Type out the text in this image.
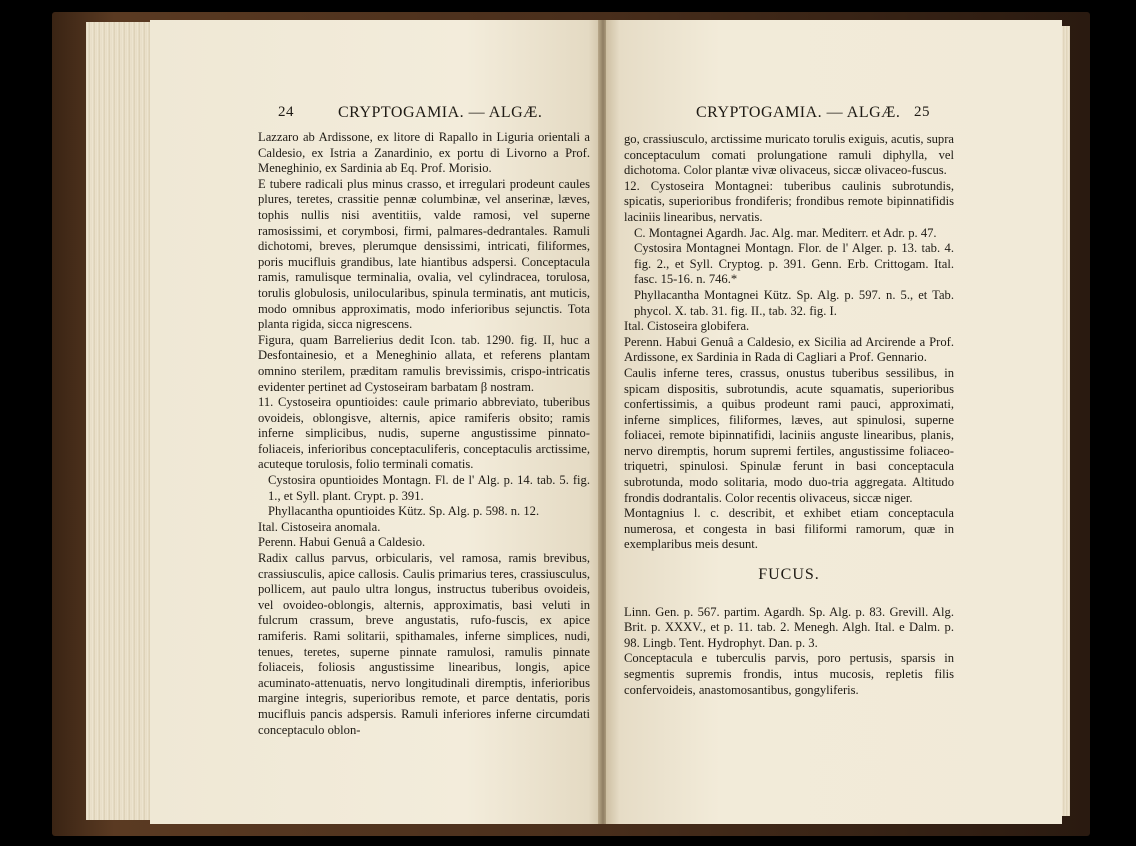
24	CRYPTOGAMIA. — ALGÆ.

Lazzaro ab Ardissone, ex litore di Rapallo in Liguria orientali a Caldesio, ex Istria a Zanardinio, ex portu di Livorno a Prof. Meneghinio, ex Sardinia ab Eq. Prof. Morisio.

E tubere radicali plus minus crasso, et irregulari prodeunt caules plures, teretes, crassitie pennæ columbinæ, vel anserinæ, læves, tophis nullis nisi aventitiis, valde ramosi, vel superne ramosissimi, et corymbosi, firmi, palmares-dedrantales. Ramuli dichotomi, breves, plerumque densissimi, intricati, filiformes, poris mucifluis grandibus, late hiantibus adspersi. Conceptacula ramis, ramulisque terminalia, ovalia, vel cylindracea, torulosa, torulis globulosis, unilocularibus, spinula terminatis, ant muticis, modo omnibus approximatis, modo inferioribus sejunctis. Tota planta rigida, sicca nigrescens.

Figura, quam Barrelierius dedit Icon. tab. 1290. fig. II, huc a Desfontainesio, et a Meneghinio allata, et referens plantam omnino sterilem, præditam ramulis brevissimis, crispo-intricatis evidenter pertinet ad Cystoseiram barbatam β nostram.

11. Cystoseira opuntioides: caule primario abbreviato, tuberibus ovoideis, oblongisve, alternis, apice ramiferis obsito; ramis inferne simplicibus, nudis, superne angustissime pinnato-foliaceis, inferioribus conceptaculiferis, conceptaculis arctissime, acuteque torulosis, folio terminali comatis.

Cystosira opuntioides Montagn. Fl. de l' Alg. p. 14. tab. 5. fig. 1., et Syll. plant. Crypt. p. 391.

Phyllacantha opuntioides Kütz. Sp. Alg. p. 598. n. 12.

Ital. Cistoseira anomala.

Perenn. Habui Genuâ a Caldesio.

Radix callus parvus, orbicularis, vel ramosa, ramis brevibus, crassiusculis, apice callosis. Caulis primarius teres, crassiusculus, pollicem, aut paulo ultra longus, instructus tuberibus ovoideis, vel ovoideo-oblongis, alternis, approximatis, basi veluti in fulcrum crassum, breve angustatis, rufo-fuscis, ex apice ramiferis. Rami solitarii, spithamales, inferne simplices, nudi, tenues, teretes, superne pinnate ramulosi, ramulis pinnate foliaceis, foliosis angustissime linearibus, longis, apice acuminato-attenuatis, nervo longitudinali diremptis, inferioribus margine integris, superioribus remote, et parce dentatis, poris mucifluis pancis adspersis. Ramuli inferiores inferne circumdati conceptaculo oblon-

CRYPTOGAMIA. — ALGÆ. 25

go, crassiusculo, arctissime muricato torulis exiguis, acutis, supra conceptaculum comati prolungatione ramuli diphylla, vel dichotoma. Color plantæ vivæ olivaceus, siccæ olivaceo-fuscus.

12. Cystoseira Montagnei: tuberibus caulinis subrotundis, spicatis, superioribus frondiferis; frondibus remote bipinnatifidis laciniis linearibus, nervatis.

C. Montagnei Agardh. Jac. Alg. mar. Mediterr. et Adr. p. 47.

Cystosira Montagnei Montagn. Flor. de l' Alger. p. 13. tab. 4. fig. 2., et Syll. Cryptog. p. 391. Genn. Erb. Crittogam. Ital. fasc. 15-16. n. 746.*

Phyllacantha Montagnei Kütz. Sp. Alg. p. 597. n. 5., et Tab. phycol. X. tab. 31. fig. II., tab. 32. fig. I.

Ital. Cistoseira globifera.

Perenn. Habui Genuâ a Caldesio, ex Sicilia ad Arcirende a Prof. Ardissone, ex Sardinia in Rada di Cagliari a Prof. Gennario.

Caulis inferne teres, crassus, onustus tuberibus sessilibus, in spicam dispositis, subrotundis, acute squamatis, superioribus confertissimis, a quibus prodeunt rami pauci, approximati, inferne simplices, filiformes, læves, aut spinulosi, superne foliacei, remote bipinnatifidi, laciniis anguste linearibus, planis, nervo diremptis, horum supremi fertiles, angustissime foliaceo-triquetri, spinulosi. Spinulæ ferunt in basi conceptacula subrotunda, modo solitaria, modo duo-tria aggregata. Altitudo frondis dodrantalis. Color recentis olivaceus, siccæ niger.

Montagnius l. c. describit, et exhibet etiam conceptacula numerosa, et congesta in basi filiformi ramorum, quæ in exemplaribus meis desunt.

FUCUS.

Linn. Gen. p. 567. partim. Agardh. Sp. Alg. p. 83. Grevill. Alg. Brit. p. XXXV., et p. 11. tab. 2. Menegh. Algh. Ital. e Dalm. p. 98. Lingb. Tent. Hydrophyt. Dan. p. 3.

Conceptacula e tuberculis parvis, poro pertusis, sparsis in segmentis supremis frondis, intus mucosis, repletis filis confervoideis, anastomosantibus, gongyliferis.
